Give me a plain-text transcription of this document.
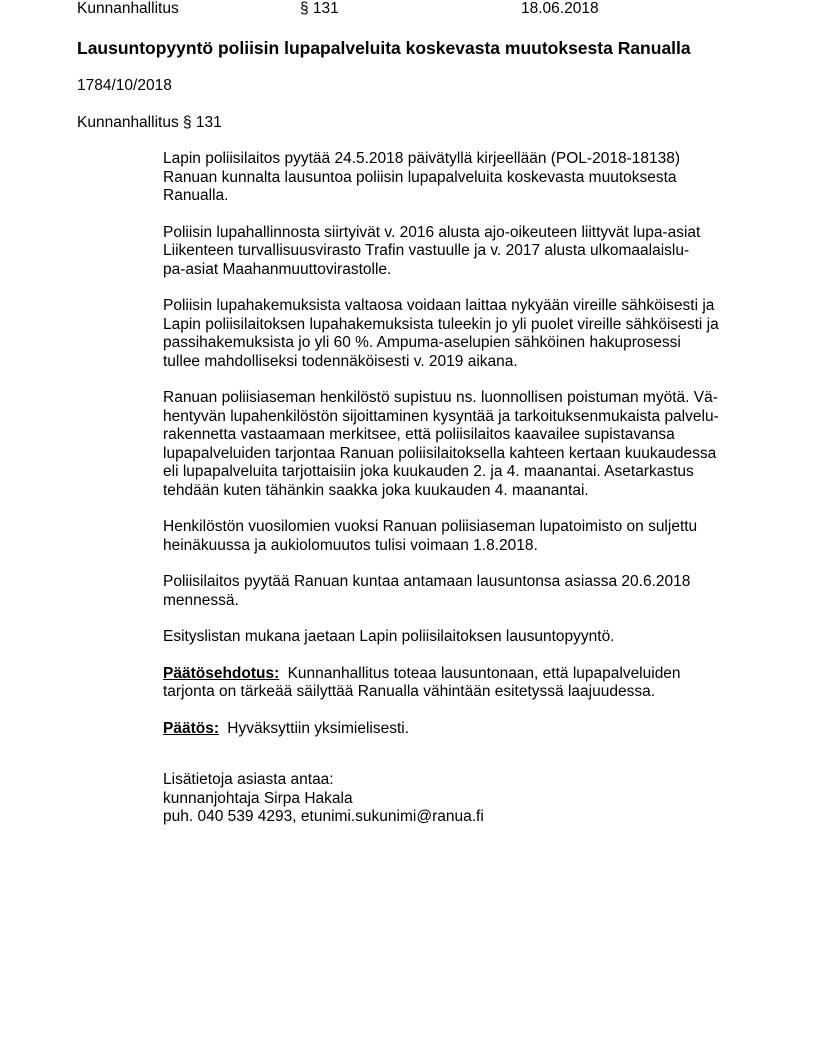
Kunnanhallitus	§ 131	18.06.2018
Lausuntopyyntö poliisin lupapalveluita koskevasta muutoksesta Ranualla
1784/10/2018
Kunnanhallitus § 131

Lapin poliisilaitos pyytää 24.5.2018 päivätyllä kirjeellään (POL-2018-18138)
Ranuan kunnalta lausuntoa poliisin lupapalveluita koskevasta muutoksesta
Ranualla.

Poliisin lupahallinnosta siirtyivät v. 2016 alusta ajo-oikeuteen liittyvät lupa-asiat
Liikenteen turvallisuusvirasto Trafin vastuulle ja v. 2017 alusta ulkomaalaislu-
pa-asiat Maahanmuuttovirastolle.

Poliisin lupahakemuksista valtaosa voidaan laittaa nykyään vireille sähköisesti ja
Lapin poliisilaitoksen lupahakemuksista tuleekin jo yli puolet vireille sähköisesti ja
passihakemuksista jo yli 60 %. Ampuma-aselupien sähköinen hakuprosessi
tullee mahdolliseksi todennäköisesti v. 2019 aikana.

Ranuan poliisiaseman henkilöstö supistuu ns. luonnollisen poistuman myötä. Vä-
hentyvän lupahenkilöstön sijoittaminen kysyntää ja tarkoituksenmukaista palvelu-
rakennetta vastaamaan merkitsee, että poliisilaitos kaavailee supistavansa
lupapalveluiden tarjontaa Ranuan poliisilaitoksella kahteen kertaan kuukaudessa
eli lupapalveluita tarjottaisiin joka kuukauden 2. ja 4. maanantai. Asetarkastus
tehdään kuten tähänkin saakka joka kuukauden 4. maanantai.

Henkilöstön vuosilomien vuoksi Ranuan poliisiaseman lupatoimisto on suljettu
heinäkuussa ja aukiolomuutos tulisi voimaan 1.8.2018.

Poliisilaitos pyytää Ranuan kuntaa antamaan lausuntonsa asiassa 20.6.2018
mennessä.

Esityslistan mukana jaetaan Lapin poliisilaitoksen lausuntopyyntö.

Päätösehdotus: Kunnanhallitus toteaa lausuntonaan, että lupapalveluiden
tarjonta on tärkeää säilyttää Ranualla vähintään esitetyssä laajuudessa.

Päätös: Hyväksyttiin yksimielisesti.

Lisätietoja asiasta antaa:
kunnanjohtaja Sirpa Hakala
puh. 040 539 4293, etunimi.sukunimi@ranua.fi
